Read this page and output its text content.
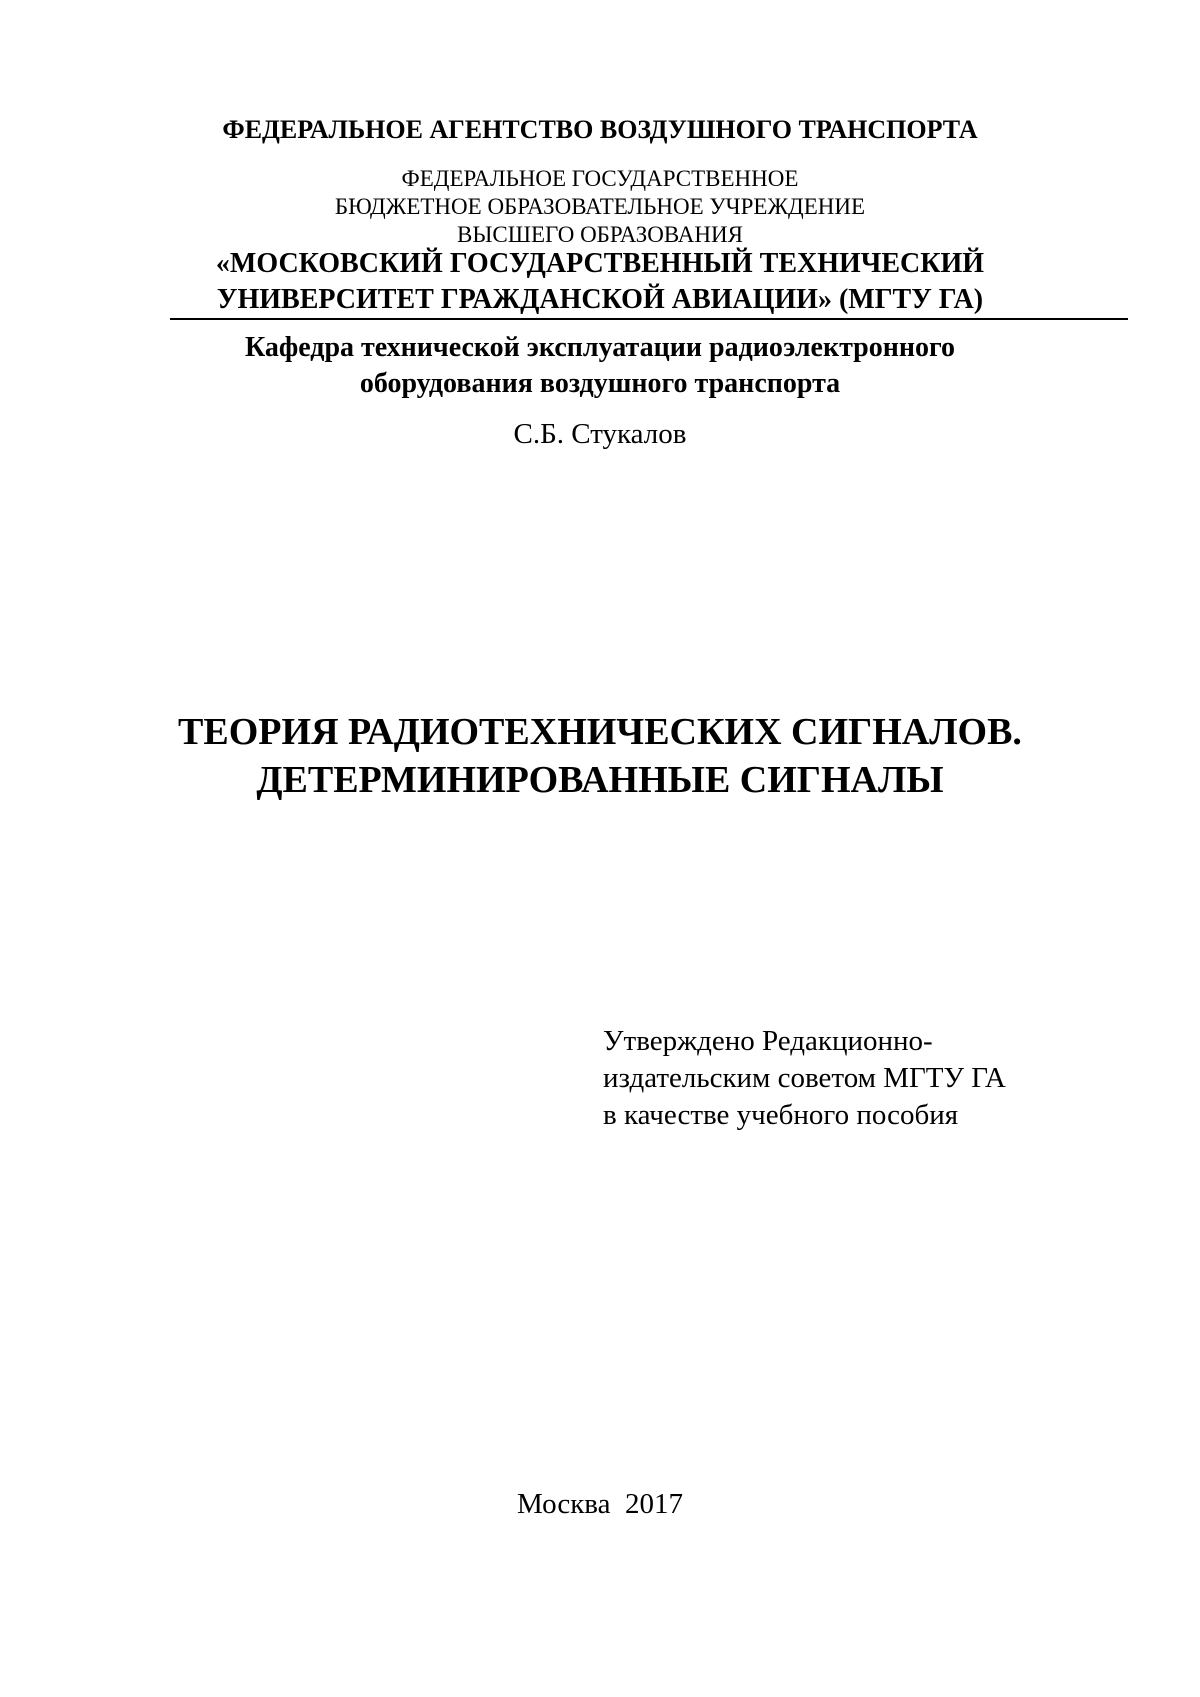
ФЕДЕРАЛЬНОЕ АГЕНТСТВО ВОЗДУШНОГО ТРАНСПОРТА
ФЕДЕРАЛЬНОЕ ГОСУДАРСТВЕННОЕ
БЮДЖЕТНОЕ ОБРАЗОВАТЕЛЬНОЕ УЧРЕЖДЕНИЕ
ВЫСШЕГО ОБРАЗОВАНИЯ
«МОСКОВСКИЙ ГОСУДАРСТВЕННЫЙ ТЕХНИЧЕСКИЙ
УНИВЕРСИТЕТ ГРАЖДАНСКОЙ АВИАЦИИ» (МГТУ ГА)
Кафедра технической эксплуатации радиоэлектронного
оборудования воздушного транспорта
С.Б. Стукалов
ТЕОРИЯ РАДИОТЕХНИЧЕСКИХ СИГНАЛОВ.
ДЕТЕРМИНИРОВАННЫЕ СИГНАЛЫ
Утверждено Редакционно-
издательским советом МГТУ ГА
в качестве учебного пособия
Москва  2017
